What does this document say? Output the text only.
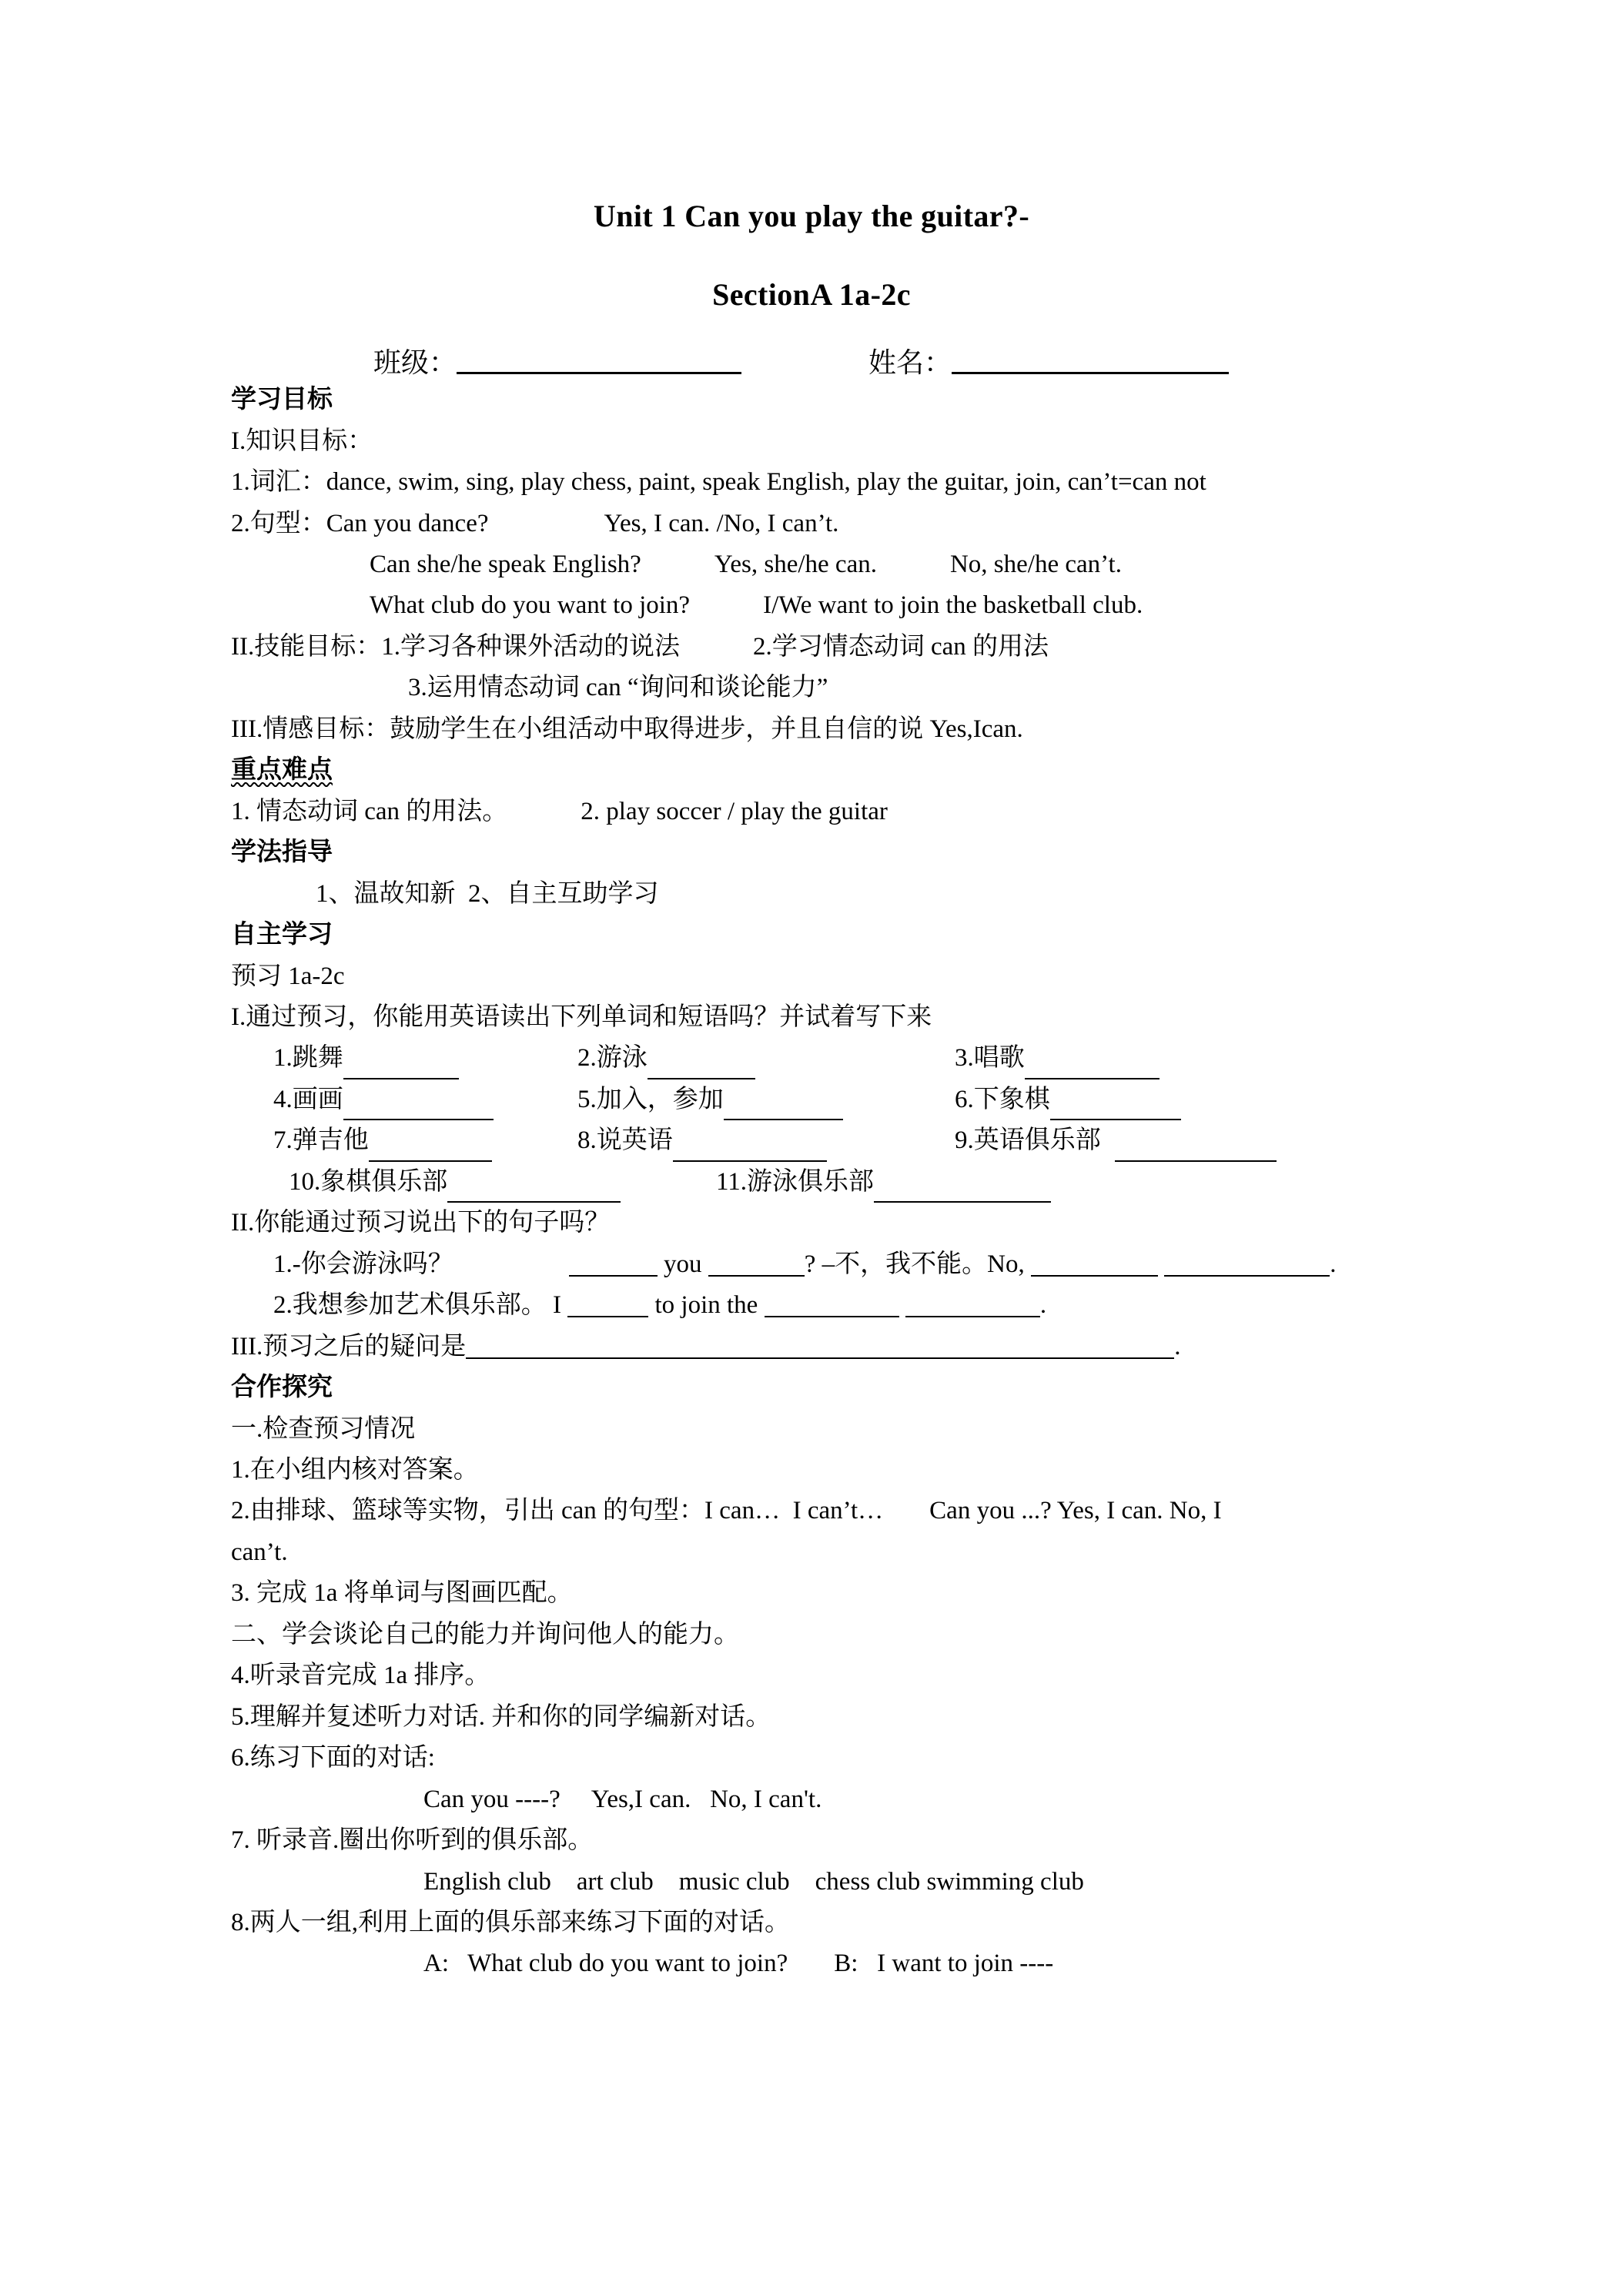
Unit 1 Can you play the guitar?-
SectionA 1a-2c
班级：	姓名：
学习目标
I.知识目标：
1.词汇：dance, swim, sing, play chess, paint, speak English, play the guitar, join, can’t=can not
2.句型：Can you dance?	Yes, I can. /No, I can’t.
Can she/he speak English?	Yes, she/he can.	No, she/he can’t.
What club do you want to join?	I/We want to join the basketball club.
II.技能目标：1.学习各种课外活动的说法	2.学习情态动词 can 的用法
3.运用情态动词 can “询问和谈论能力”
III.情感目标：鼓励学生在小组活动中取得进步，并且自信的说 Yes,Ican.
重点难点
1. 情态动词 can 的用法。	2. play soccer / play the guitar
学法指导
1、温故知新  2、自主互助学习
自主学习
预习 1a-2c
I.通过预习，你能用英语读出下列单词和短语吗？并试着写下来
1.跳舞	2.游泳	3.唱歌
4.画画	5.加入，参加	6.下象棋
7.弹吉他	8.说英语	9.英语俱乐部
10.象棋俱乐部	11.游泳俱乐部
II.你能通过预习说出下的句子吗？
1.-你会游泳吗？	you	? –不，我不能。No,	.
2.我想参加艺术俱乐部。 I	to join the	.
III.预习之后的疑问是	.
合作探究
一.检查预习情况
1.在小组内核对答案。
2.由排球、篮球等实物，引出 can 的句型：I can…  I can’t… Can you ...? Yes, I can. No, I
can’t.
3. 完成 1a 将单词与图画匹配。
二、学会谈论自己的能力并询问他人的能力。
4.听录音完成 1a 排序。
5.理解并复述听力对话. 并和你的同学编新对话。
6.练习下面的对话:
Can you ----?     Yes,I can.   No, I can't.
7. 听录音.圈出你听到的俱乐部。
English club    art club    music club    chess club swimming club
8.两人一组,利用上面的俱乐部来练习下面的对话。
A:   What club do you want to join? B:   I want to join ----
